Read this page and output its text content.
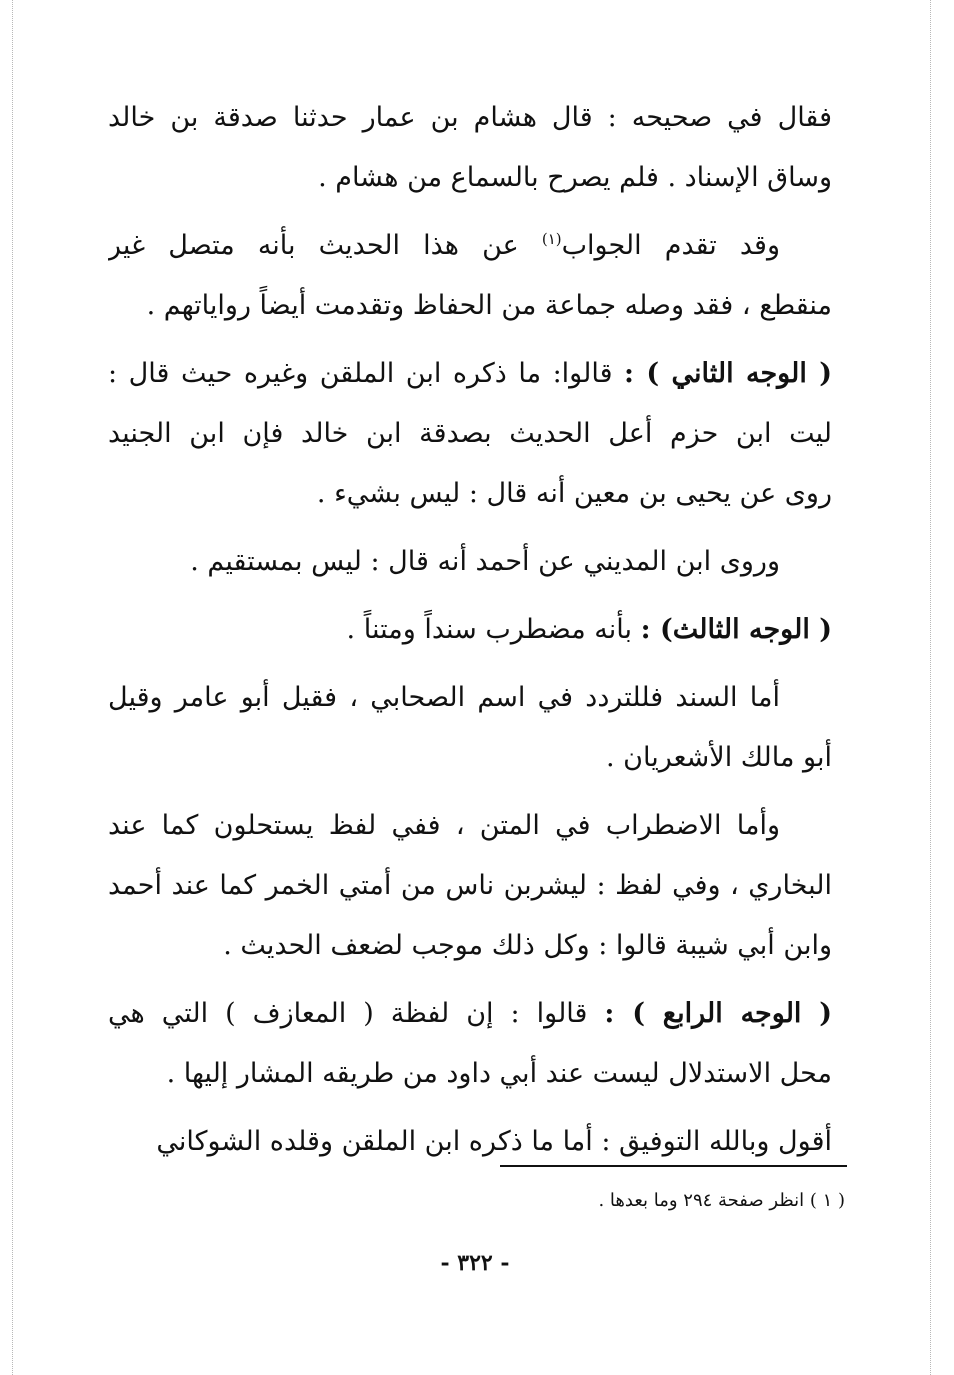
فقال في صحيحه : قال هشام بن عمار حدثنا صدقة بن خالد
وساق الإسناد . فلم يصرح بالسماع من هشام .

وقد تقدم الجواب$^{(١)}$ عن هذا الحديث بأنه متصل غير
منقطع ، فقد وصله جماعة من الحفاظ وتقدمت أيضاً رواياتهم .

( الوجه الثاني ) : قالوا: ما ذكره ابن الملقن وغيره حيث قال :
ليت ابن حزم أعل الحديث بصدقة ابن خالد فإن ابن الجنيد
روى عن يحيى بن معين أنه قال : ليس بشيء .

وروى ابن المديني عن أحمد أنه قال : ليس بمستقيم .

( الوجه الثالث) : بأنه مضطرب سنداً ومتناً .

أما السند فللتردد في اسم الصحابي ، فقيل أبو عامر وقيل
أبو مالك الأشعريان .

وأما الاضطراب في المتن ، ففي لفظ يستحلون كما عند
البخاري ، وفي لفظ : ليشربن ناس من أمتي الخمر كما عند أحمد
وابن أبي شيبة قالوا : وكل ذلك موجب لضعف الحديث .

( الوجه الرابع ) : قالوا : إن لفظة ( المعازف ) التي هي
محل الاستدلال ليست عند أبي داود من طريقه المشار إليها .

أقول وبالله التوفيق : أما ما ذكره ابن الملقن وقلده الشوكاني

( ١ ) انظر صفحة ٢٩٤ وما بعدها .
- ٣٢٢ -
